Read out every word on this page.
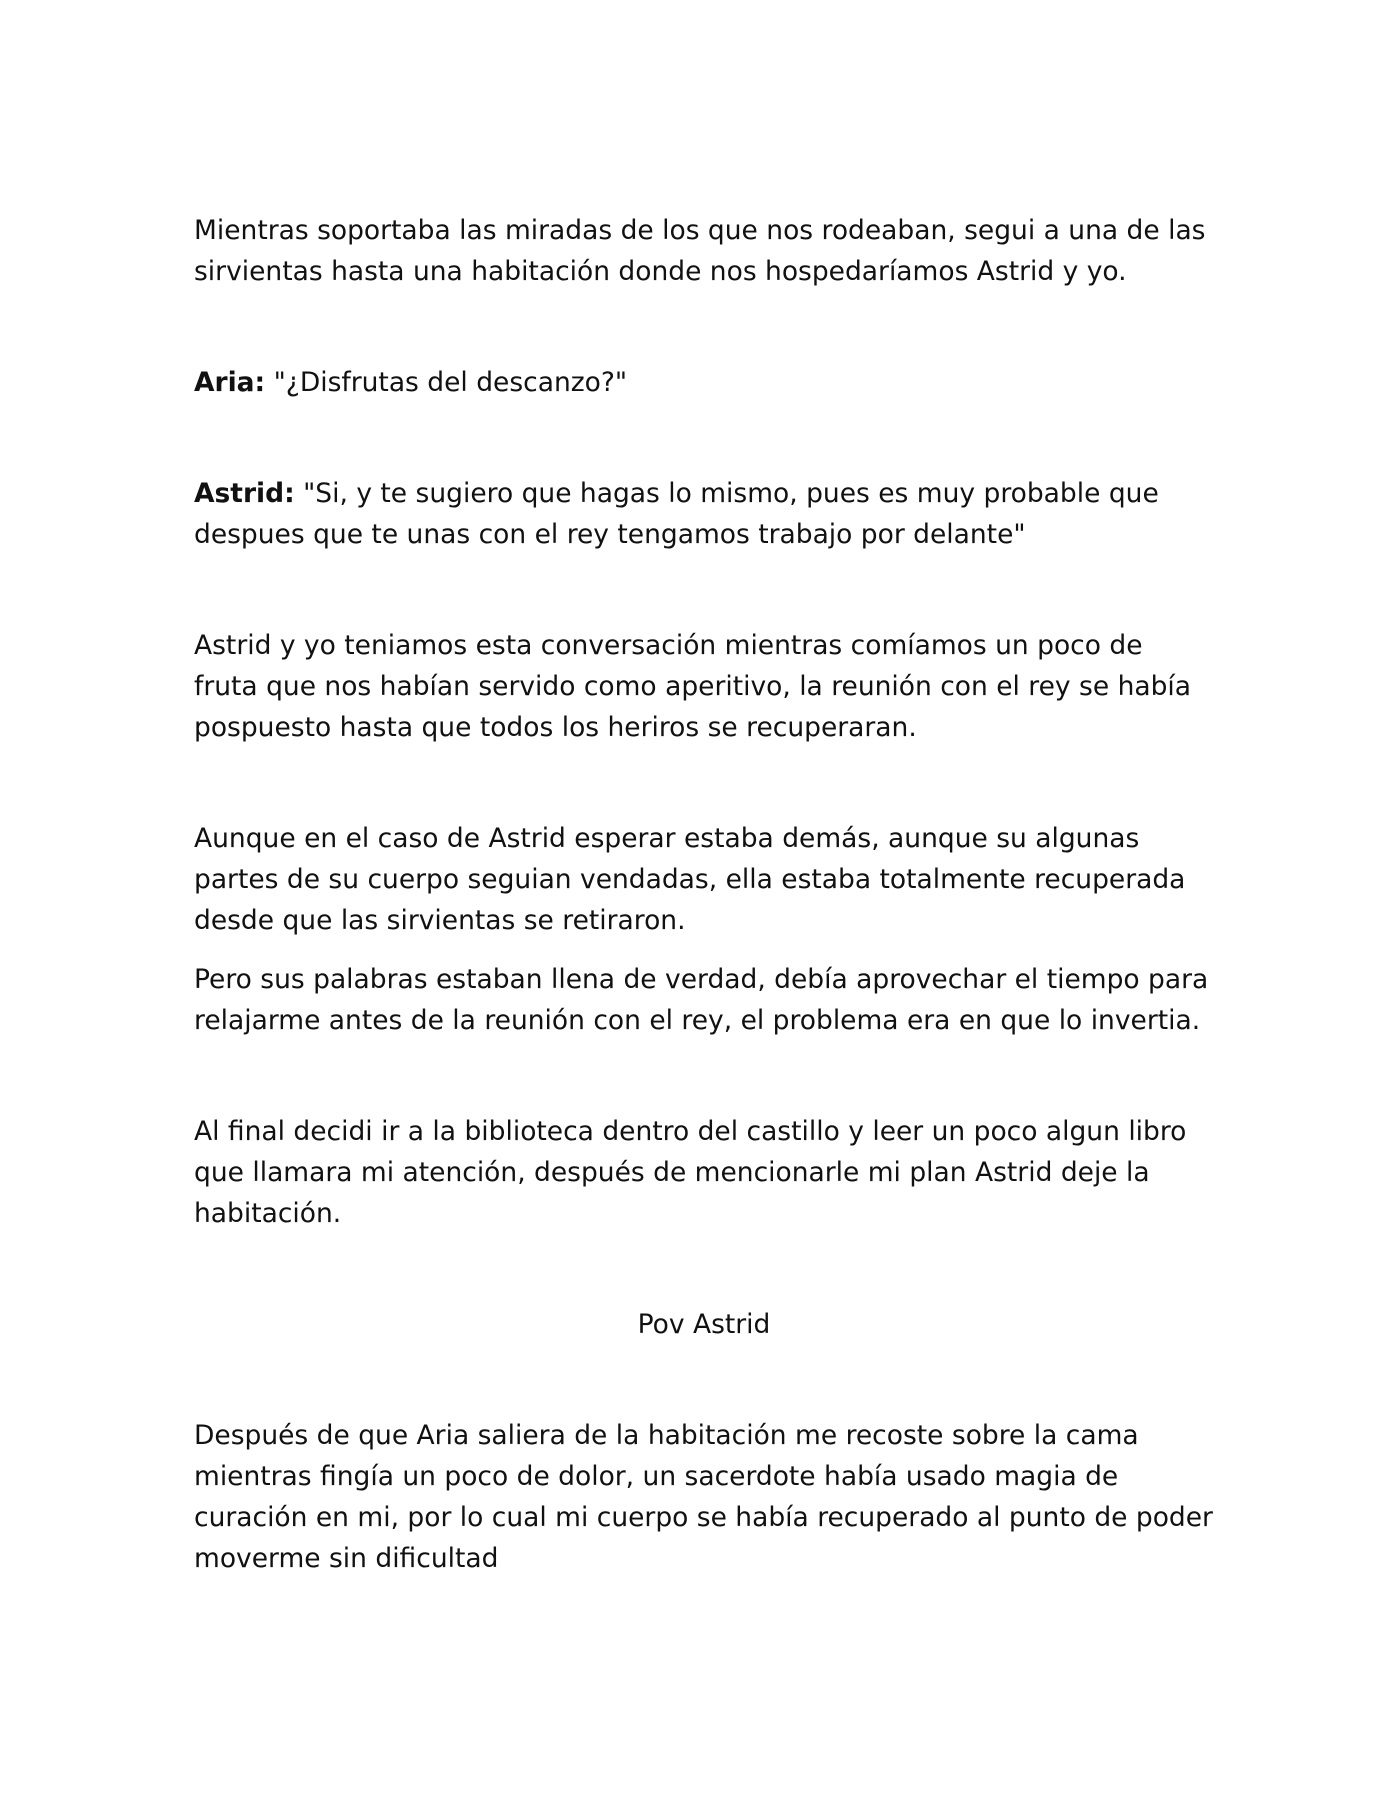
Mientras soportaba las miradas de los que nos rodeaban, segui a una de las sirvientas hasta una habitación donde nos hospedaríamos Astrid y yo.

Aria: "¿Disfrutas del descanzo?"

Astrid: "Si, y te sugiero que hagas lo mismo, pues es muy probable que despues que te unas con el rey tengamos trabajo por delante"

Astrid y yo teniamos esta conversación mientras comíamos un poco de fruta que nos habían servido como aperitivo, la reunión con el rey se había pospuesto hasta que todos los heriros se recuperaran.

Aunque en el caso de Astrid esperar estaba demás, aunque su algunas partes de su cuerpo seguian vendadas, ella estaba totalmente recuperada desde que las sirvientas se retiraron.

Pero sus palabras estaban llena de verdad, debía aprovechar el tiempo para relajarme antes de la reunión con el rey, el problema era en que lo invertia.

Al final decidi ir a la biblioteca dentro del castillo y leer un poco algun libro que llamara mi atención, después de mencionarle mi plan Astrid deje la habitación.

Pov Astrid

Después de que Aria saliera de la habitación me recoste sobre la cama mientras fingía un poco de dolor, un sacerdote había usado magia de curación en mi, por lo cual mi cuerpo se había recuperado al punto de poder moverme sin dificultad
